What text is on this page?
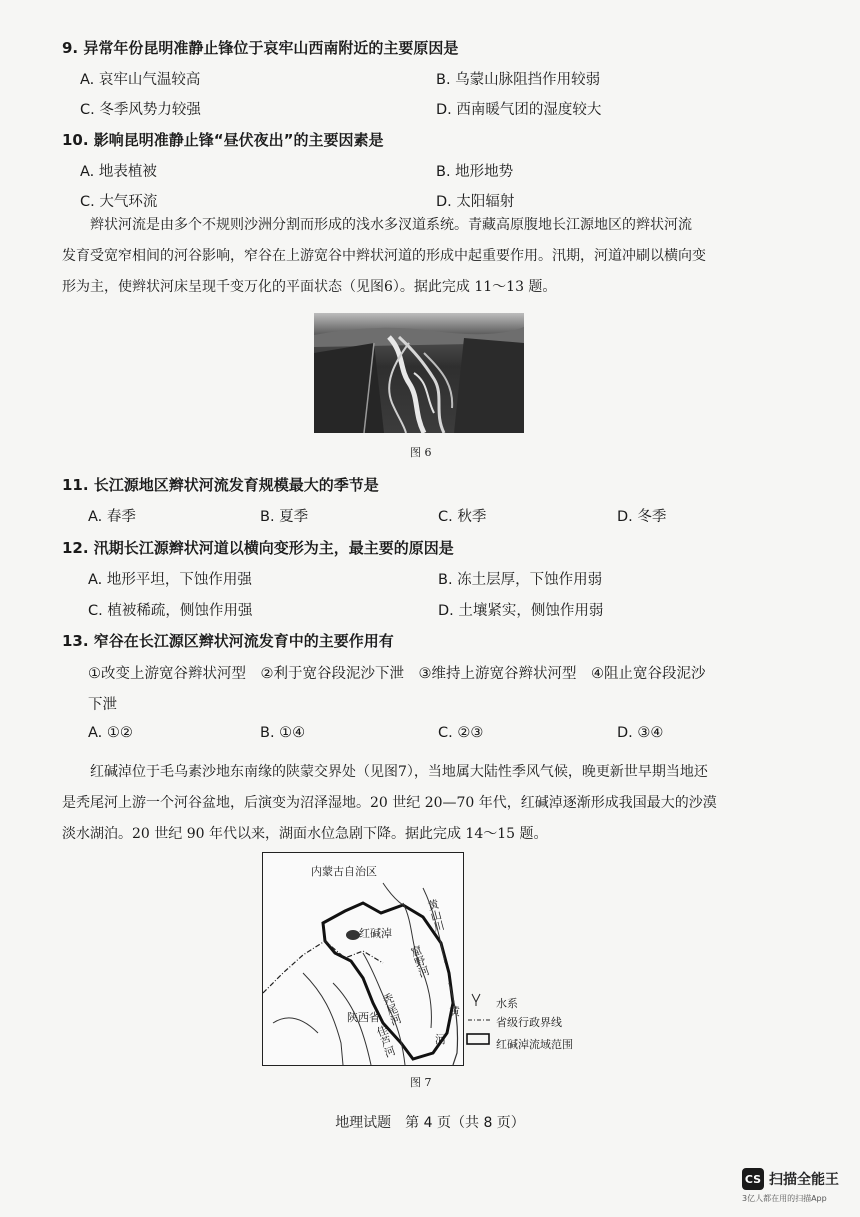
9. 异常年份昆明准静止锋位于哀牢山西南附近的主要原因是
A. 哀牢山气温较高	B. 乌蒙山脉阻挡作用较弱
C. 冬季风势力较强	D. 西南暖气团的湿度较大
10. 影响昆明准静止锋“昼伏夜出”的主要因素是
A. 地表植被	B. 地形地势
C. 大气环流	D. 太阳辐射
辫状河流是由多个不规则沙洲分割而形成的浅水多汊道系统。青藏高原腹地长江源地区的辫状河流
发育受宽窄相间的河谷影响，窄谷在上游宽谷中辫状河道的形成中起重要作用。汛期，河道冲刷以横向变
形为主，使辫状河床呈现千变万化的平面状态（见图6）。据此完成 11～13 题。
图 6
11. 长江源地区辫状河流发育规模最大的季节是
A. 春季	B. 夏季	C. 秋季	D. 冬季
12. 汛期长江源辫状河道以横向变形为主，最主要的原因是
A. 地形平坦，下蚀作用强	B. 冻土层厚，下蚀作用弱
C. 植被稀疏，侧蚀作用强	D. 土壤紧实，侧蚀作用弱
13. 窄谷在长江源区辫状河流发育中的主要作用有
①改变上游宽谷辫状河型　②利于宽谷段泥沙下泄　③维持上游宽谷辫状河型　④阻止宽谷段泥沙
下泄
A. ①②	B. ①④	C. ②③	D. ③④
红碱淖位于毛乌素沙地东南缘的陕蒙交界处（见图7），当地属大陆性季风气候，晚更新世早期当地还
是秃尾河上游一个河谷盆地，后演变为沼泽湿地。20 世纪 20—70 年代，红碱淖逐渐形成我国最大的沙漠
淡水湖泊。20 世纪 90 年代以来，湖面水位急剧下降。据此完成 14～15 题。
内蒙古自治区
红碱淖
陕西省 秃尾河
窟野河
佳芦河
黄
河
黄山川
水系
省级行政界线
红碱淖流域范围
图 7
地理试题　第 4 页（共 8 页）
CS 扫描全能王
3亿人都在用的扫描App
